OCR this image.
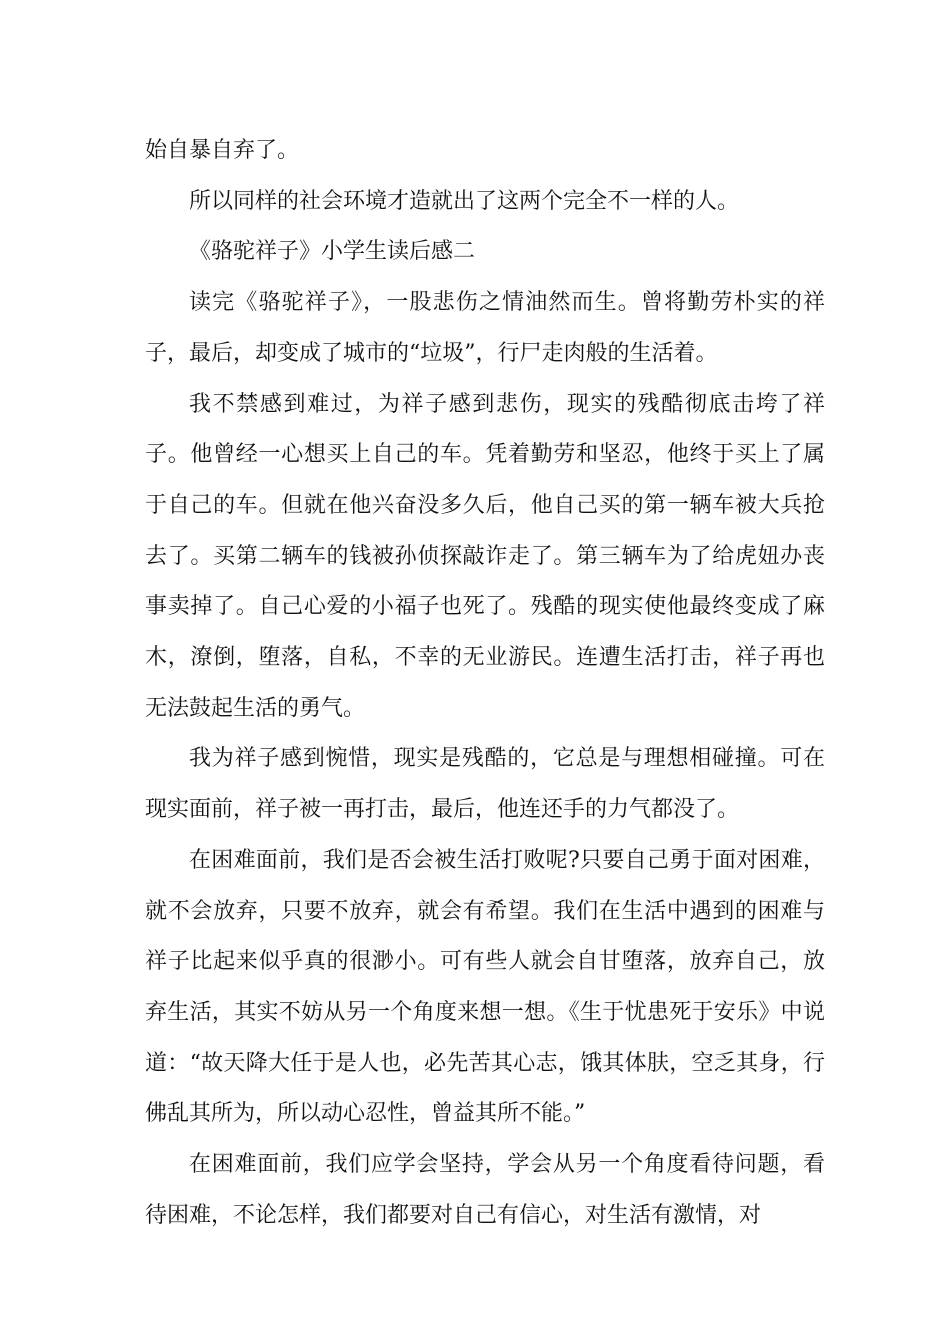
始自暴自弃了。

所以同样的社会环境才造就出了这两个完全不一样的人。

《骆驼祥子》小学生读后感二

读完《骆驼祥子》，一股悲伤之情油然而生。曾将勤劳朴实的祥子，最后，却变成了城市的“垃圾”，行尸走肉般的生活着。

我不禁感到难过，为祥子感到悲伤，现实的残酷彻底击垮了祥子。他曾经一心想买上自己的车。凭着勤劳和坚忍，他终于买上了属于自己的车。但就在他兴奋没多久后，他自己买的第一辆车被大兵抢去了。买第二辆车的钱被孙侦探敲诈走了。第三辆车为了给虎妞办丧事卖掉了。自己心爱的小福子也死了。残酷的现实使他最终变成了麻木，潦倒，堕落，自私，不幸的无业游民。连遭生活打击，祥子再也无法鼓起生活的勇气。

我为祥子感到惋惜，现实是残酷的，它总是与理想相碰撞。可在现实面前，祥子被一再打击，最后，他连还手的力气都没了。

在困难面前，我们是否会被生活打败呢?只要自己勇于面对困难，就不会放弃，只要不放弃，就会有希望。我们在生活中遇到的困难与祥子比起来似乎真的很渺小。可有些人就会自甘堕落，放弃自己，放弃生活，其实不妨从另一个角度来想一想。《生于忧患死于安乐》中说道：“故天降大任于是人也，必先苦其心志，饿其体肤，空乏其身，行佛乱其所为，所以动心忍性，曾益其所不能。”

在困难面前，我们应学会坚持，学会从另一个角度看待问题，看待困难，不论怎样，我们都要对自己有信心，对生活有激情，对
